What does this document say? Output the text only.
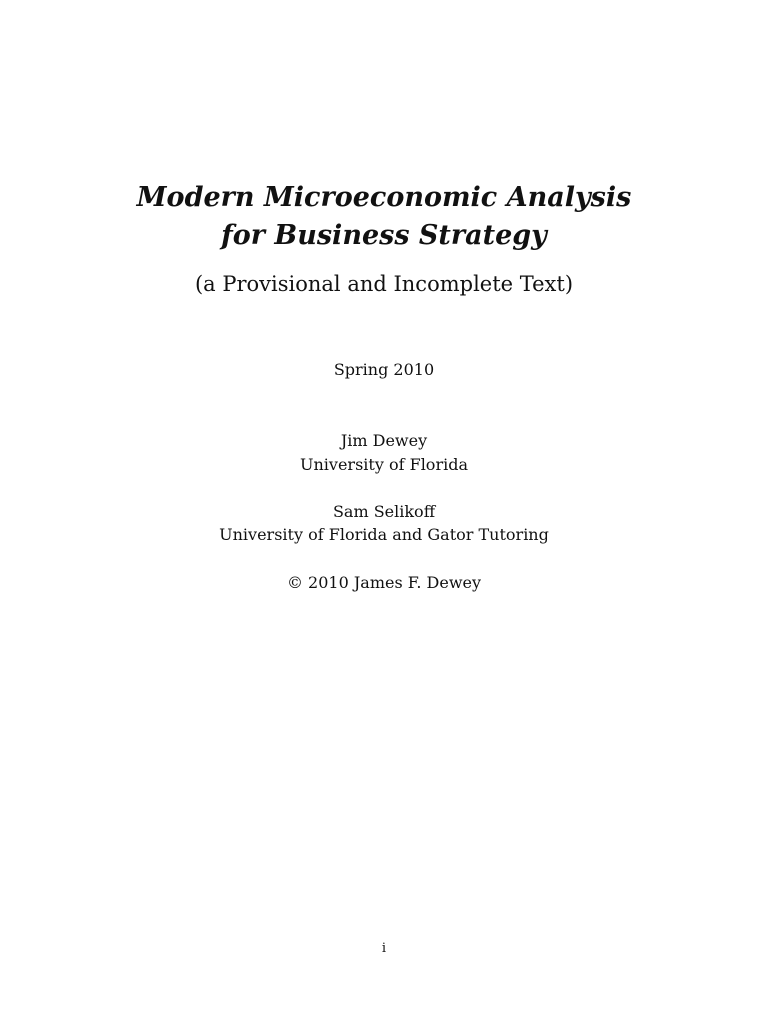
Modern Microeconomic Analysis
for Business Strategy
(a Provisional and Incomplete Text)
Spring 2010
Jim Dewey
University of Florida
Sam Selikoff
University of Florida and Gator Tutoring
© 2010 James F. Dewey
i
